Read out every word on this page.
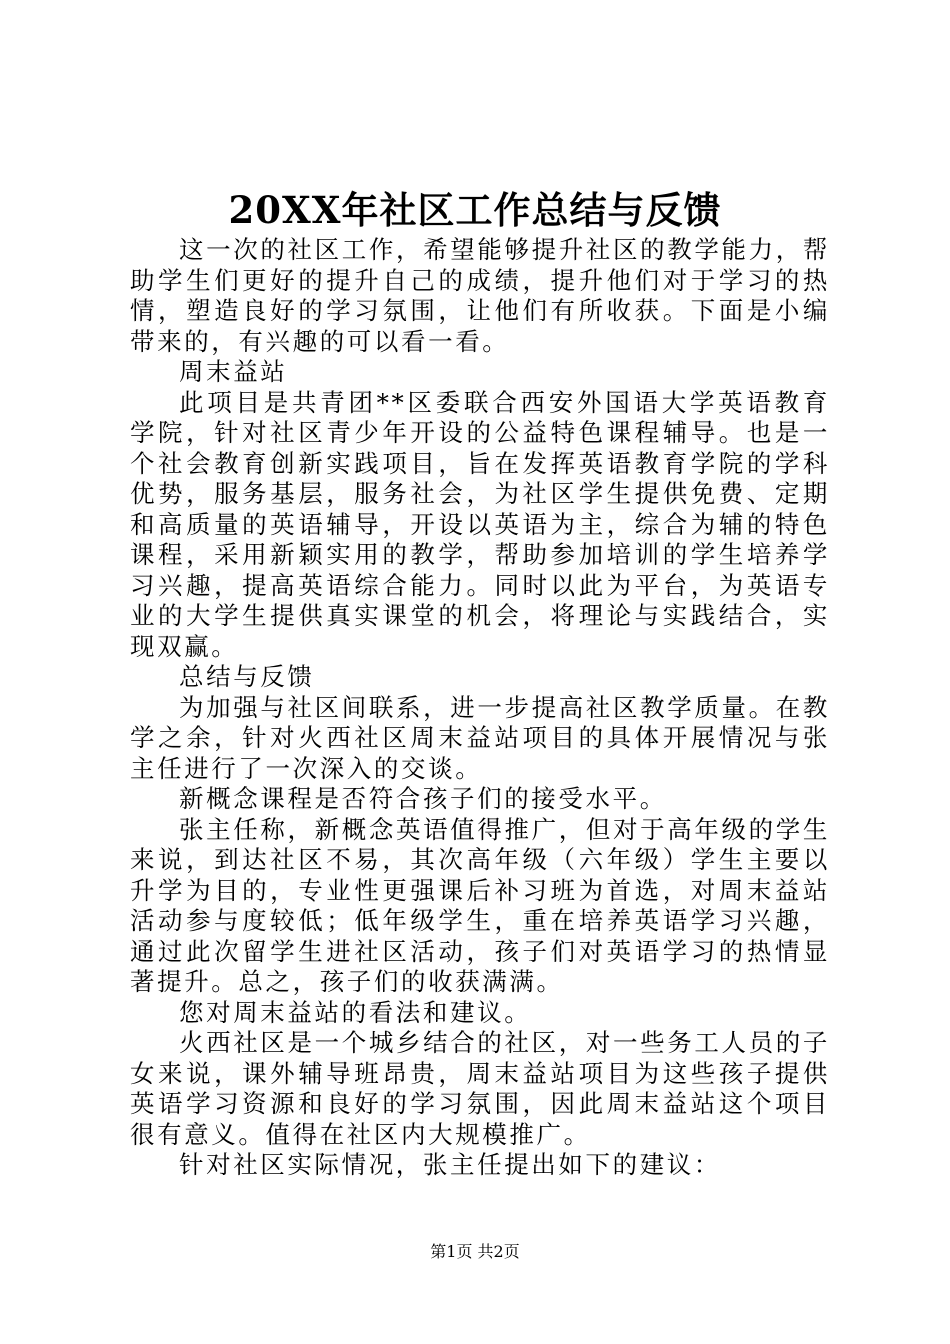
20XX年社区工作总结与反馈

这一次的社区工作，希望能够提升社区的教学能力，帮助学生们更好的提升自己的成绩，提升他们对于学习的热情，塑造良好的学习氛围，让他们有所收获。下面是小编带来的，有兴趣的可以看一看。

周末益站

此项目是共青团**区委联合西安外国语大学英语教育学院，针对社区青少年开设的公益特色课程辅导。也是一个社会教育创新实践项目，旨在发挥英语教育学院的学科优势，服务基层，服务社会，为社区学生提供免费、定期和高质量的英语辅导，开设以英语为主，综合为辅的特色课程，采用新颖实用的教学，帮助参加培训的学生培养学习兴趣，提高英语综合能力。同时以此为平台，为英语专业的大学生提供真实课堂的机会，将理论与实践结合，实现双赢。

总结与反馈

为加强与社区间联系，进一步提高社区教学质量。在教学之余，针对火西社区周末益站项目的具体开展情况与张主任进行了一次深入的交谈。

新概念课程是否符合孩子们的接受水平。

张主任称，新概念英语值得推广，但对于高年级的学生来说，到达社区不易，其次高年级（六年级）学生主要以升学为目的，专业性更强课后补习班为首选，对周末益站活动参与度较低；低年级学生，重在培养英语学习兴趣，通过此次留学生进社区活动，孩子们对英语学习的热情显著提升。总之，孩子们的收获满满。

您对周末益站的看法和建议。

火西社区是一个城乡结合的社区，对一些务工人员的子女来说，课外辅导班昂贵，周末益站项目为这些孩子提供英语学习资源和良好的学习氛围，因此周末益站这个项目很有意义。值得在社区内大规模推广。

针对社区实际情况，张主任提出如下的建议：

第1页 共2页
